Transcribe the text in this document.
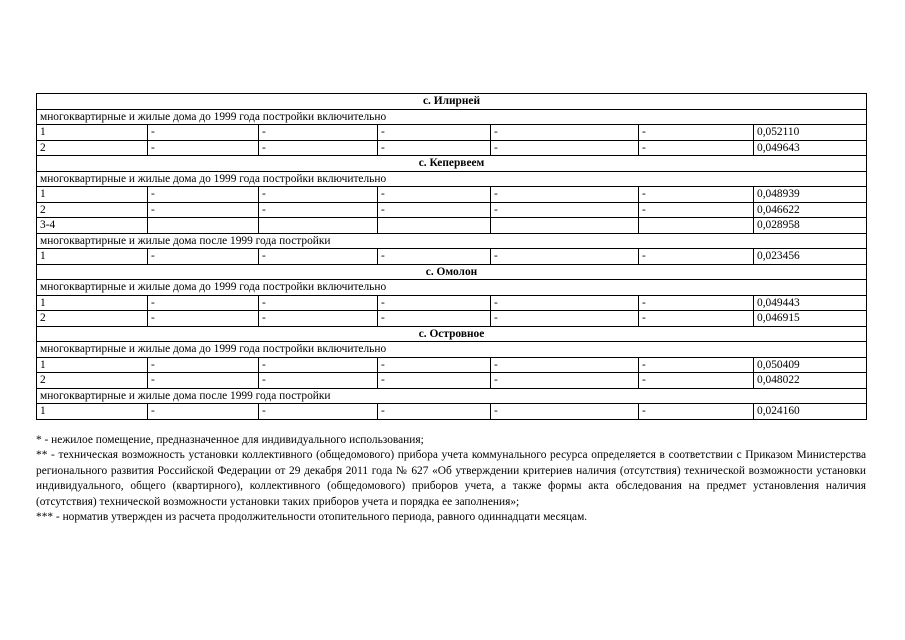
с. Илирней						
многоквартирные и жилые дома до 1999 года постройки включительно						
1	-	-	-	-	-	0,052110
2	-	-	-	-	-	0,049643
с. Кепервеем						
многоквартирные и жилые дома до 1999 года постройки включительно						
1	-	-	-	-	-	0,048939
2	-	-	-	-	-	0,046622
3-4						0,028958
многоквартирные и жилые дома после 1999 года постройки						
1	-	-	-	-	-	0,023456
с. Омолон						
многоквартирные и жилые дома до 1999 года постройки включительно						
1	-	-	-	-	-	0,049443
2	-	-	-	-	-	0,046915
с. Островное						
многоквартирные и жилые дома до 1999 года постройки включительно						
1	-	-	-	-	-	0,050409
2	-	-	-	-	-	0,048022
многоквартирные и жилые дома после 1999 года постройки						
1	-	-	-	-	-	0,024160

* - нежилое помещение, предназначенное для индивидуального использования;

** - техническая возможность установки коллективного (общедомового) прибора учета коммунального ресурса определяется в соответствии с Приказом Министерства регионального развития Российской Федерации от 29 декабря 2011 года № 627 «Об утверждении критериев наличия (отсутствия) технической возможности установки индивидуального, общего (квартирного), коллективного (общедомового) приборов учета, а также формы акта обследования на предмет установления наличия (отсутствия) технической возможности установки таких приборов учета и порядка ее заполнения»;

*** - норматив утвержден из расчета продолжительности отопительного периода, равного одиннадцати месяцам.
